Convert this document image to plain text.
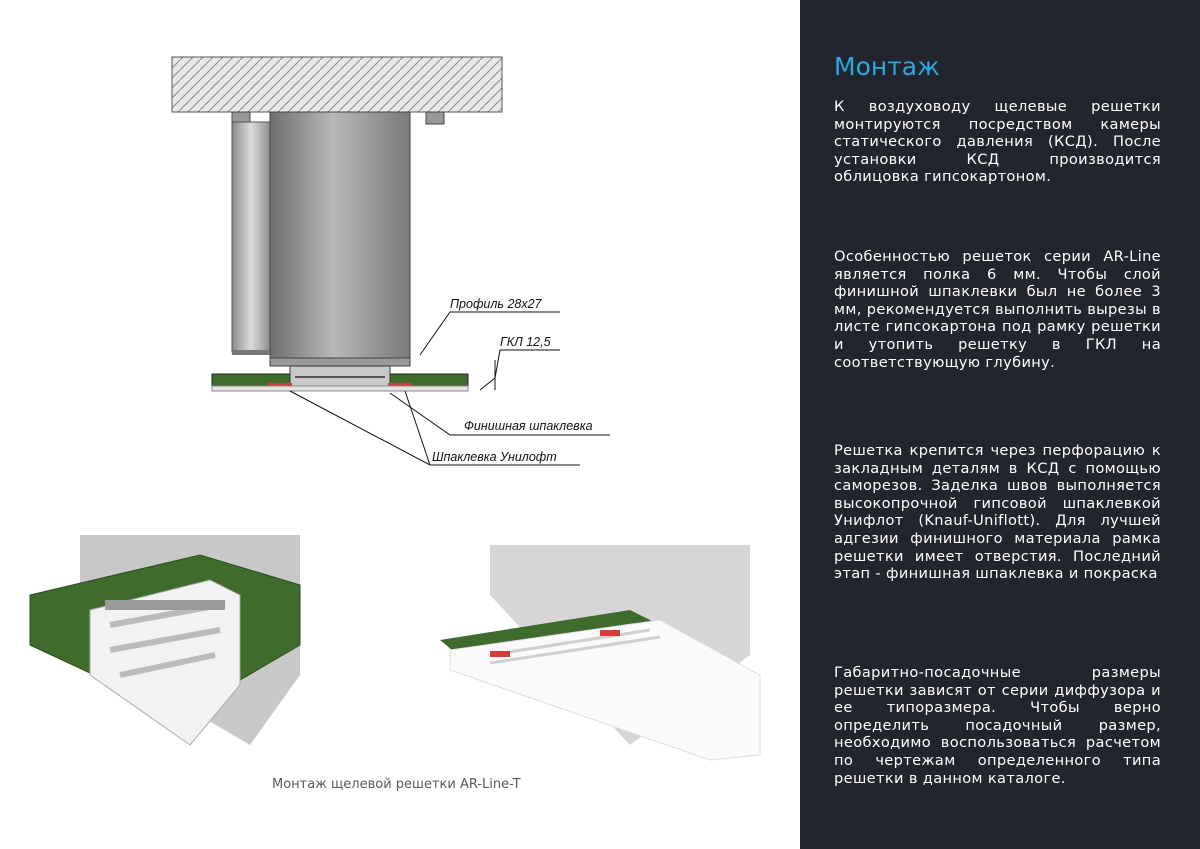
Профиль 28х27
ГКЛ 12,5
Финишная шпаклевка
Шпаклевка Унилофт
Монтаж щелевой решетки AR-Line-T
Монтаж

К воздуховоду щелевые решетки монтируются посредством камеры статического давления (КСД). После установки КСД производится облицовка гипсокартоном.

Особенностью решеток серии AR-Line является полка 6 мм. Чтобы слой финишной шпаклевки был не более 3 мм, рекомендуется выполнить вырезы в листе гипсокартона под рамку решетки и утопить решетку в ГКЛ на соответствующую глубину.

Решетка крепится через перфорацию к закладным деталям в КСД с помощью саморезов. Заделка швов выполняется высокопрочной гипсовой шпаклевкой Унифлот (Knauf-Uniflott). Для лучшей адгезии финишного материала рамка решетки имеет отверстия. Последний этап - финишная шпаклевка и покраска

Габаритно-посадочные размеры решетки зависят от серии диффузора и ее типоразмера. Чтобы верно определить посадочный размер, необходимо воспользоваться расчетом по чертежам определенного типа решетки в данном каталоге.
